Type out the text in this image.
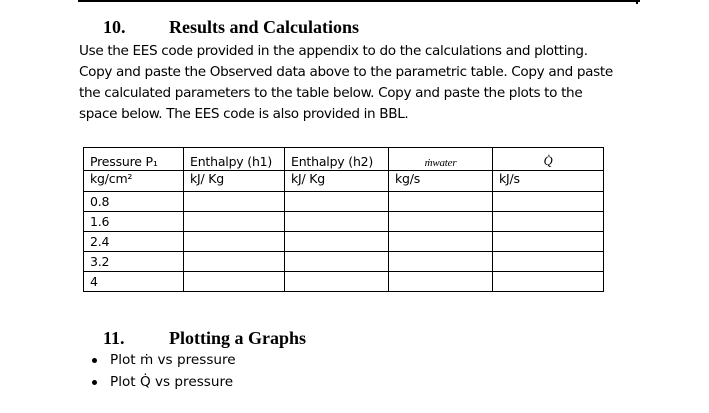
10. Results and Calculations
Use the EES code provided in the appendix to do the calculations and plotting.
Copy and paste the Observed data above to the parametric table. Copy and paste
the calculated parameters to the table below. Copy and paste the plots to the
space below. The EES code is also provided in BBL.
Pressure P₁	Enthalpy (h1)	Enthalpy (h2)	ṁwater	Q̇
kg/cm²	kJ/ Kg	kJ/ Kg	kg/s	kJ/s
0.8				
1.6				
2.4				
3.2				
4				
11. Plotting a Graphs
Plot ṁ vs pressure
Plot Q̇ vs pressure
